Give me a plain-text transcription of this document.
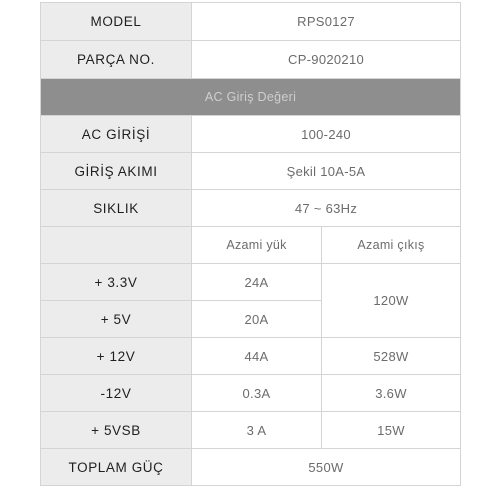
MODEL	RPS0127	
PARÇA NO.	CP-9020210	
AC Giriş Değeri		
AC GİRİŞİ	100-240	
GİRİŞ AKIMI	Şekil 10A-5A	
SIKLIK	47 ~ 63Hz	
	Azami yük	Azami çıkış
+ 3.3V	24A	120W
+ 5V	20A	
+ 12V	44A	528W
-12V	0.3A	3.6W
+ 5VSB	3 A	15W
TOPLAM GÜÇ	550W	
